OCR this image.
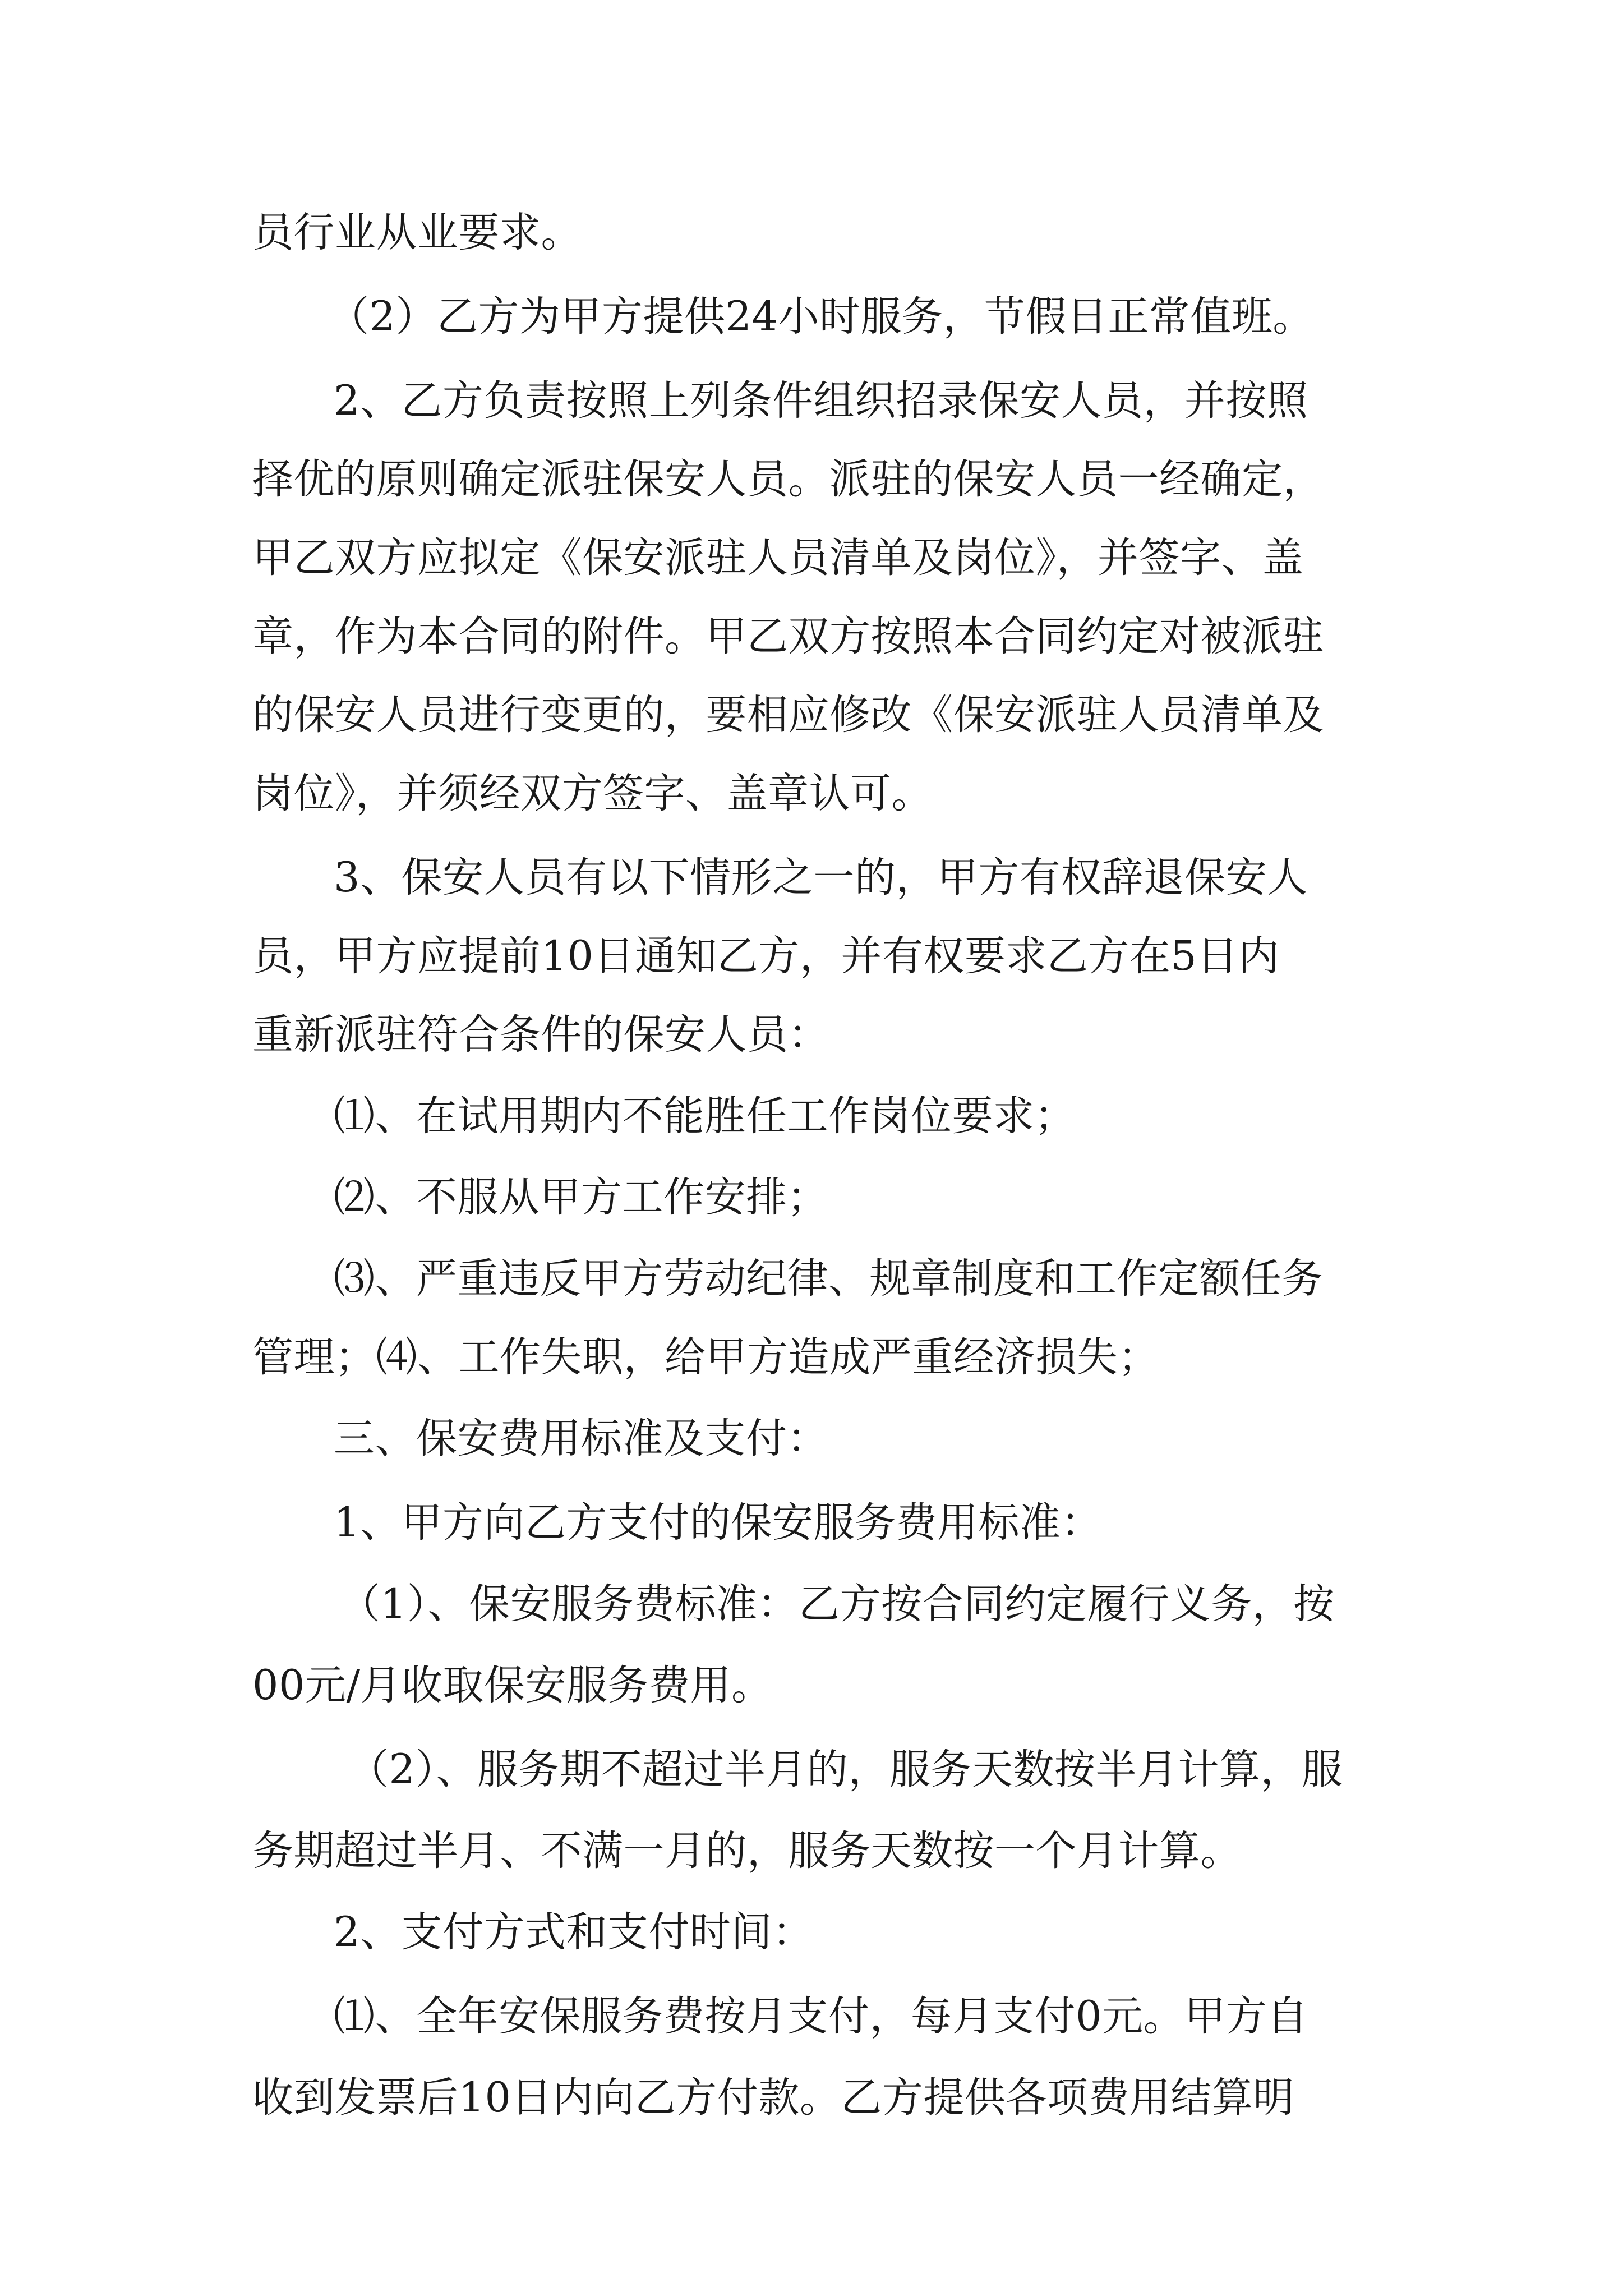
员行业从业要求。
（2）乙方为甲方提供24小时服务，节假日正常值班。
2、乙方负责按照上列条件组织招录保安人员，并按照
择优的原则确定派驻保安人员。派驻的保安人员一经确定，
甲乙双方应拟定《保安派驻人员清单及岗位》，并签字、盖
章，作为本合同的附件。甲乙双方按照本合同约定对被派驻
的保安人员进行变更的，要相应修改《保安派驻人员清单及
岗位》，并须经双方签字、盖章认可。
3、保安人员有以下情形之一的，甲方有权辞退保安人
员，甲方应提前10日通知乙方，并有权要求乙方在5日内
重新派驻符合条件的保安人员：
⑴、在试用期内不能胜任工作岗位要求；
⑵、不服从甲方工作安排；
⑶、严重违反甲方劳动纪律、规章制度和工作定额任务
管理；⑷、工作失职，给甲方造成严重经济损失；
三、保安费用标准及支付：
1、甲方向乙方支付的保安服务费用标准：
（1）、保安服务费标准：乙方按合同约定履行义务，按
00元/月收取保安服务费用。
（2）、服务期不超过半月的，服务天数按半月计算，服
务期超过半月、不满一月的，服务天数按一个月计算。
2、支付方式和支付时间：
⑴、全年安保服务费按月支付，每月支付0元。甲方自
收到发票后10日内向乙方付款。乙方提供各项费用结算明
